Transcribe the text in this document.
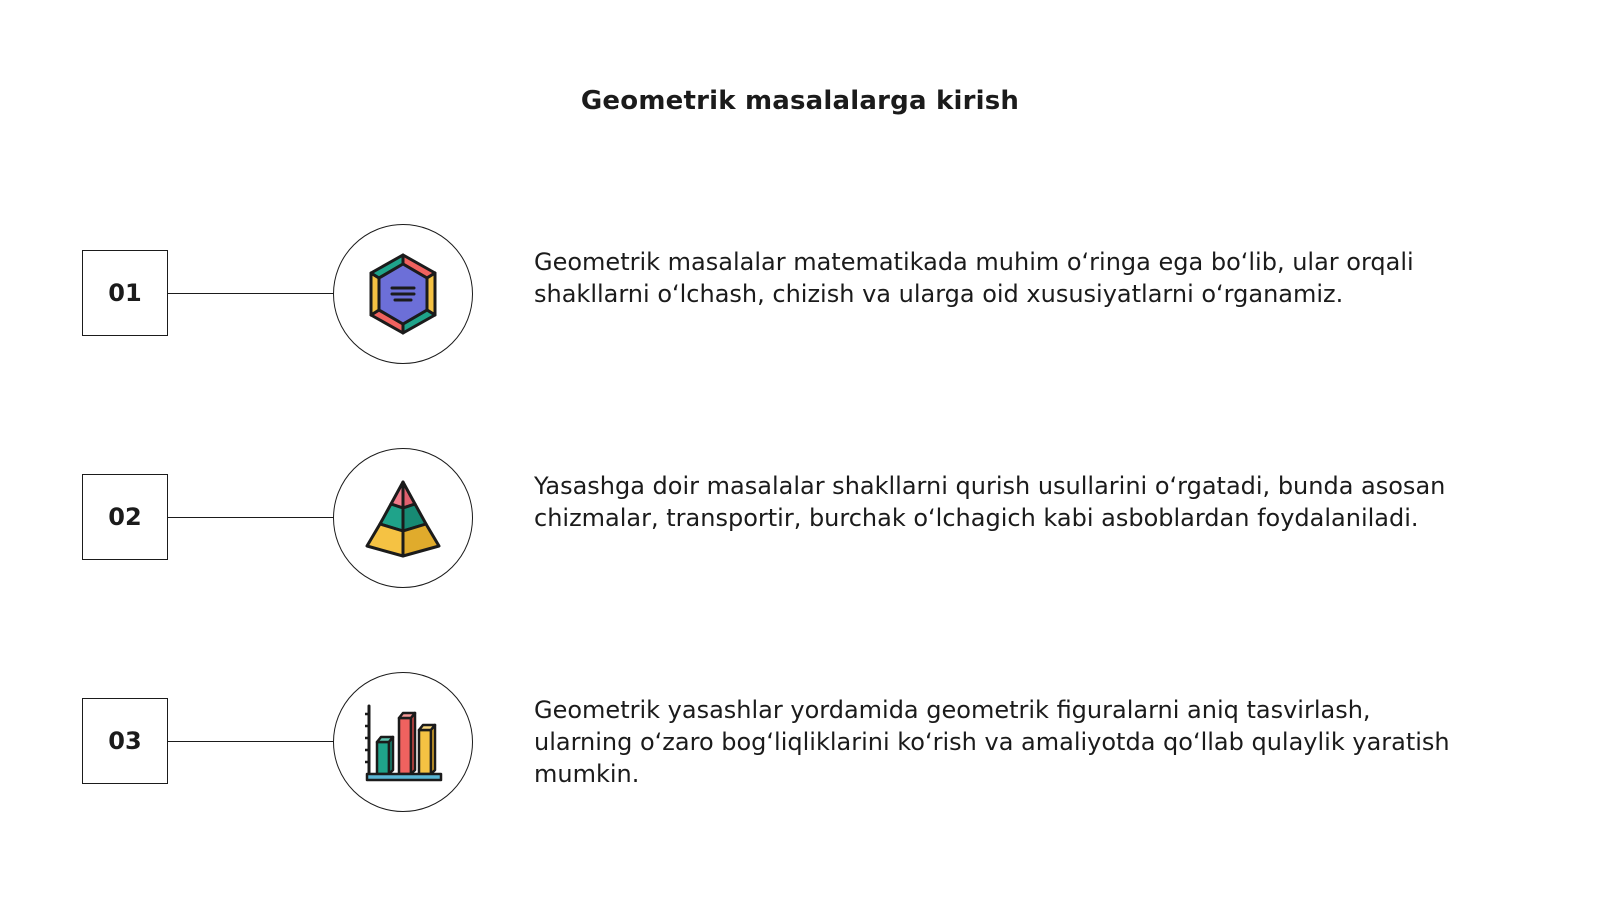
Geometrik masalalarga kirish
01
Geometrik masalalar matematikada muhim o‘ringa ega bo‘lib, ular orqali shakllarni o‘lchash, chizish va ularga oid xususiyatlarni o‘rganamiz.
02
Yasashga doir masalalar shakllarni qurish usullarini o‘rgatadi, bunda asosan chizmalar, transportir, burchak o‘lchagich kabi asboblardan foydalaniladi.
03
Geometrik yasashlar yordamida geometrik figuralarni aniq tasvirlash, ularning o‘zaro bog‘liqliklarini ko‘rish va amaliyotda qo‘llab qulaylik yaratish mumkin.
